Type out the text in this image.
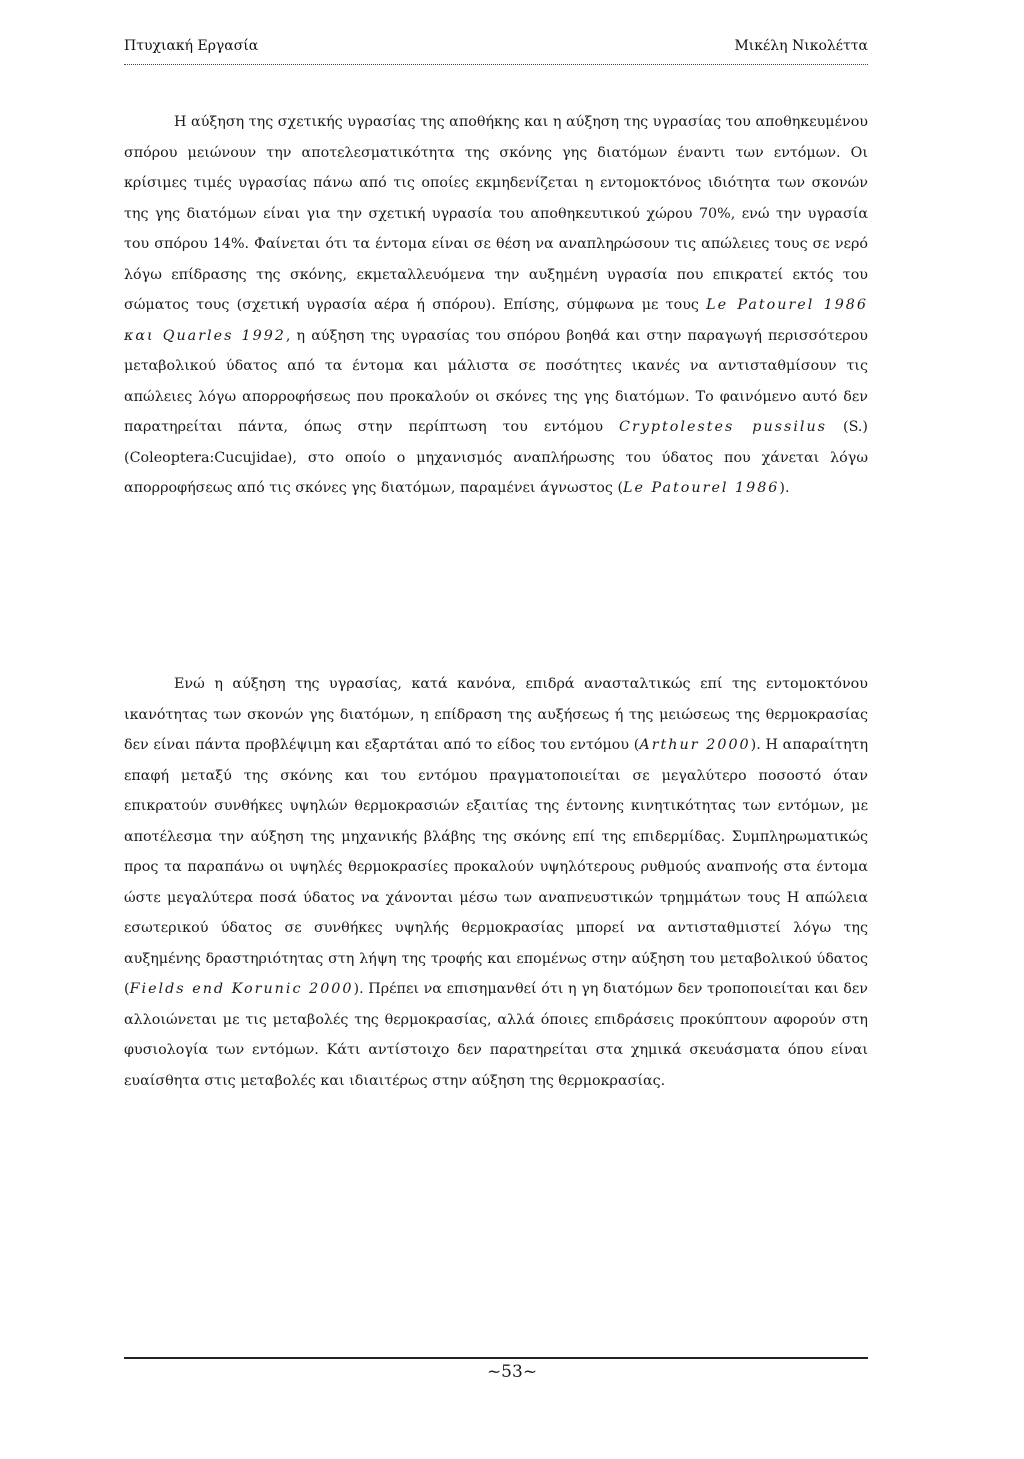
Πτυχιακή Εργασία	Μικέλη Νικολέττα
Η αύξηση της σχετικής υγρασίας της αποθήκης και η αύξηση της υγρασίας του αποθηκευμένου σπόρου μειώνουν την αποτελεσματικότητα της σκόνης γης διατόμων έναντι των εντόμων. Οι κρίσιμες τιμές υγρασίας πάνω από τις οποίες εκμηδενίζεται η εντομοκτόνος ιδιότητα των σκονών της γης διατόμων είναι για την σχετική υγρασία του αποθηκευτικού χώρου 70%, ενώ την υγρασία του σπόρου 14%. Φαίνεται ότι τα έντομα είναι σε θέση να αναπληρώσουν τις απώλειες τους σε νερό λόγω επίδρασης της σκόνης, εκμεταλλευόμενα την αυξημένη υγρασία που επικρατεί εκτός του σώματος τους (σχετική υγρασία αέρα ή σπόρου). Επίσης, σύμφωνα με τους Le Patourel 1986 και Quarles 1992, η αύξηση της υγρασίας του σπόρου βοηθά και στην παραγωγή περισσότερου μεταβολικού ύδατος από τα έντομα και μάλιστα σε ποσότητες ικανές να αντισταθμίσουν τις απώλειες λόγω απορροφήσεως που προκαλούν οι σκόνες της γης διατόμων. Το φαινόμενο αυτό δεν παρατηρείται πάντα, όπως στην περίπτωση του εντόμου Cryptolestes pussilus (S.) (Coleoptera:Cucujidae), στο οποίο ο μηχανισμός αναπλήρωσης του ύδατος που χάνεται λόγω απορροφήσεως από τις σκόνες γης διατόμων, παραμένει άγνωστος (Le Patourel 1986).
Ενώ η αύξηση της υγρασίας, κατά κανόνα, επιδρά ανασταλτικώς επί της εντομοκτόνου ικανότητας των σκονών γης διατόμων, η επίδραση της αυξήσεως ή της μειώσεως της θερμοκρασίας δεν είναι πάντα προβλέψιμη και εξαρτάται από το είδος του εντόμου (Arthur 2000). Η απαραίτητη επαφή μεταξύ της σκόνης και του εντόμου πραγματοποιείται σε μεγαλύτερο ποσοστό όταν επικρατούν συνθήκες υψηλών θερμοκρασιών εξαιτίας της έντονης κινητικότητας των εντόμων, με αποτέλεσμα την αύξηση της μηχανικής βλάβης της σκόνης επί της επιδερμίδας. Συμπληρωματικώς προς τα παραπάνω οι υψηλές θερμοκρασίες προκαλούν υψηλότερους ρυθμούς αναπνοής στα έντομα ώστε μεγαλύτερα ποσά ύδατος να χάνονται μέσω των αναπνευστικών τρημμάτων τους Η απώλεια εσωτερικού ύδατος σε συνθήκες υψηλής θερμοκρασίας μπορεί να αντισταθμιστεί λόγω της αυξημένης δραστηριότητας στη λήψη της τροφής και επομένως στην αύξηση του μεταβολικού ύδατος (Fields end Korunic 2000). Πρέπει να επισημανθεί ότι η γη διατόμων δεν τροποποιείται και δεν αλλοιώνεται με τις μεταβολές της θερμοκρασίας, αλλά όποιες επιδράσεις προκύπτουν αφορούν στη φυσιολογία των εντόμων. Κάτι αντίστοιχο δεν παρατηρείται στα χημικά σκευάσματα όπου είναι ευαίσθητα στις μεταβολές και ιδιαιτέρως στην αύξηση της θερμοκρασίας.
~53~
